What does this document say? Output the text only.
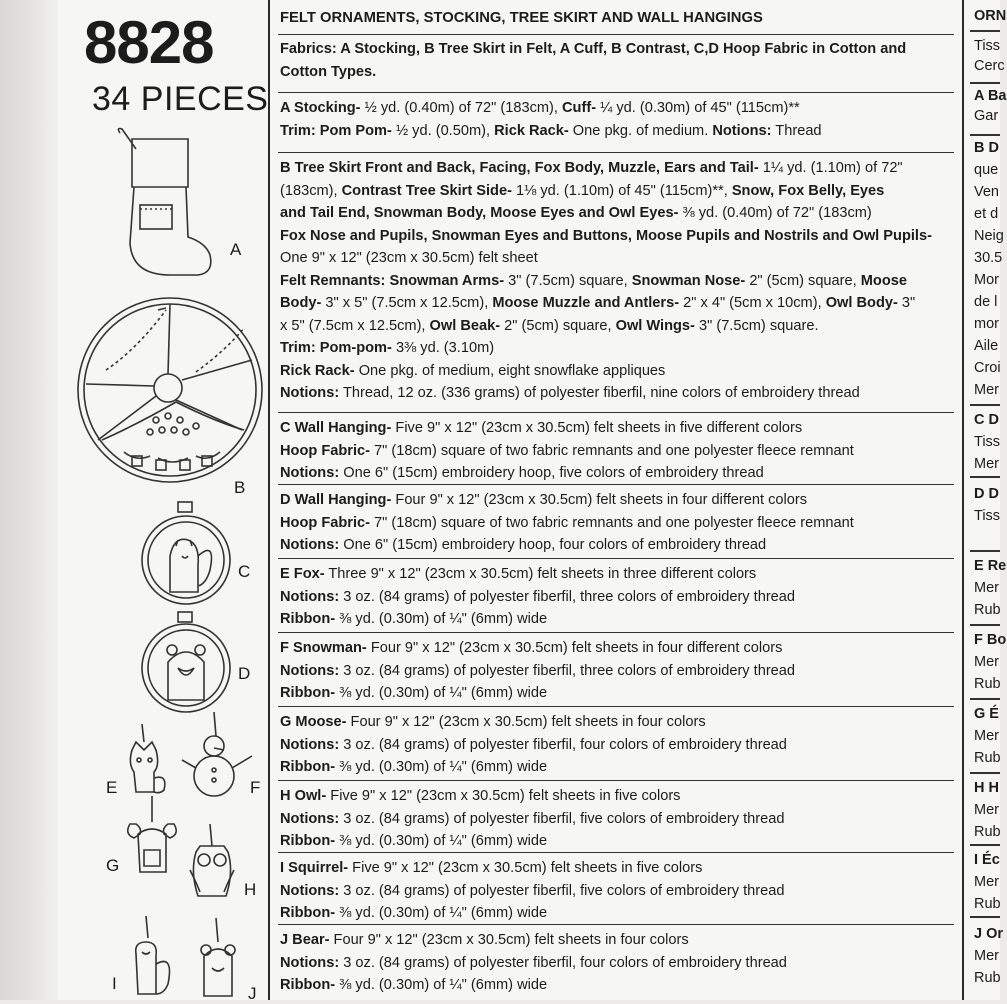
8828
34 PIECES
A
B
C
D
E	F
G
H
I
J
FELT ORNAMENTS, STOCKING, TREE SKIRT AND WALL HANGINGS

Fabrics: A Stocking, B Tree Skirt in Felt, A Cuff, B Contrast, C,D Hoop Fabric in Cotton and Cotton Types.

A Stocking- ½ yd. (0.40m) of 72" (183cm), Cuff- ¼ yd. (0.30m) of 45" (115cm)**

Trim: Pom Pom- ½ yd. (0.50m), Rick Rack- One pkg. of medium. Notions: Thread

B Tree Skirt Front and Back, Facing, Fox Body, Muzzle, Ears and Tail- 1¼ yd. (1.10m) of 72"

(183cm), Contrast Tree Skirt Side- 1⅛ yd. (1.10m) of 45" (115cm)**, Snow, Fox Belly, Eyes

and Tail End, Snowman Body, Moose Eyes and Owl Eyes- ⅜ yd. (0.40m) of 72" (183cm)

Fox Nose and Pupils, Snowman Eyes and Buttons, Moose Pupils and Nostrils and Owl Pupils-

One 9" x 12" (23cm x 30.5cm) felt sheet

Felt Remnants: Snowman Arms- 3" (7.5cm) square, Snowman Nose- 2" (5cm) square, Moose

Body- 3" x 5" (7.5cm x 12.5cm), Moose Muzzle and Antlers- 2" x 4" (5cm x 10cm), Owl Body- 3"

x 5" (7.5cm x 12.5cm), Owl Beak- 2" (5cm) square, Owl Wings- 3" (7.5cm) square.

Trim: Pom-pom- 3⅜ yd. (3.10m)

Rick Rack- One pkg. of medium, eight snowflake appliques

Notions: Thread, 12 oz. (336 grams) of polyester fiberfil, nine colors of embroidery thread

C Wall Hanging- Five 9" x 12" (23cm x 30.5cm) felt sheets in five different colors

Hoop Fabric- 7" (18cm) square of two fabric remnants and one polyester fleece remnant

Notions: One 6" (15cm) embroidery hoop, five colors of embroidery thread

D Wall Hanging- Four 9" x 12" (23cm x 30.5cm) felt sheets in four different colors

Hoop Fabric- 7" (18cm) square of two fabric remnants and one polyester fleece remnant

Notions: One 6" (15cm) embroidery hoop, four colors of embroidery thread

E Fox- Three 9" x 12" (23cm x 30.5cm) felt sheets in three different colors

Notions: 3 oz. (84 grams) of polyester fiberfil, three colors of embroidery thread

Ribbon- ⅜ yd. (0.30m) of ¼" (6mm) wide

F Snowman- Four 9" x 12" (23cm x 30.5cm) felt sheets in four different colors

Notions: 3 oz. (84 grams) of polyester fiberfil, three colors of embroidery thread

Ribbon- ⅜ yd. (0.30m) of ¼" (6mm) wide

G Moose- Four 9" x 12" (23cm x 30.5cm) felt sheets in four colors

Notions: 3 oz. (84 grams) of polyester fiberfil, four colors of embroidery thread

Ribbon- ⅜ yd. (0.30m) of ¼" (6mm) wide

H Owl- Five 9" x 12" (23cm x 30.5cm) felt sheets in five colors

Notions: 3 oz. (84 grams) of polyester fiberfil, five colors of embroidery thread

Ribbon- ⅜ yd. (0.30m) of ¼" (6mm) wide

I Squirrel- Five 9" x 12" (23cm x 30.5cm) felt sheets in five colors

Notions: 3 oz. (84 grams) of polyester fiberfil, five colors of embroidery thread

Ribbon- ⅜ yd. (0.30m) of ¼" (6mm) wide

J Bear- Four 9" x 12" (23cm x 30.5cm) felt sheets in four colors

Notions: 3 oz. (84 grams) of polyester fiberfil, four colors of embroidery thread

Ribbon- ⅜ yd. (0.30m) of ¼" (6mm) wide

ORN
Tiss
Cerc
A Ba
Gar
B D
que
Ven
et d
Neig
30.5
Mor
de l
mor
Aile
Croi
Mer
C D
Tiss
Mer
D D
Tiss
E Re
Mer
Rub
F Bo
Mer
Rub
G É
Mer
Rub
H H
Mer
Rub
I Éc
Mer
Rub
J Or
Mer
Rub
